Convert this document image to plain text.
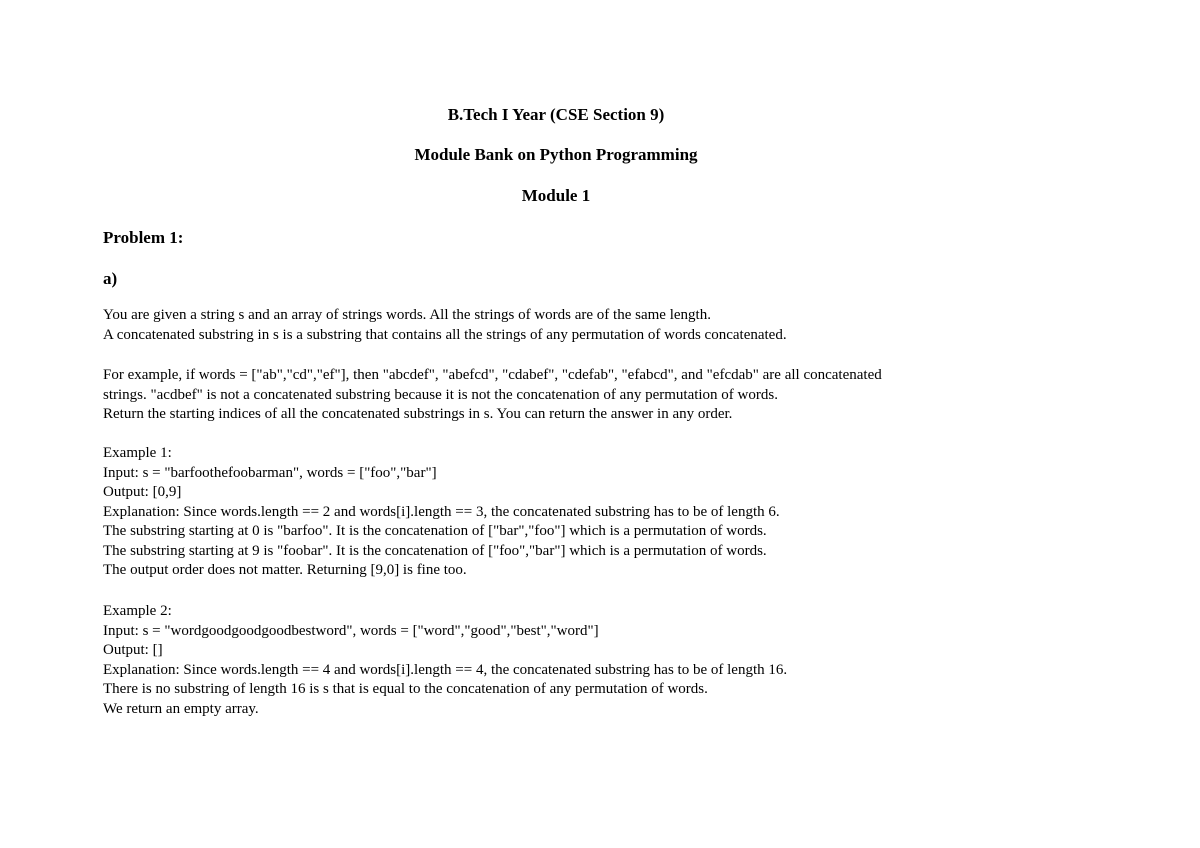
B.Tech I Year (CSE Section 9)
Module Bank on Python Programming
Module 1
Problem 1:
a)
You are given a string s and an array of strings words. All the strings of words are of the same length.
A concatenated substring in s is a substring that contains all the strings of any permutation of words concatenated.
For example, if words = ["ab","cd","ef"], then "abcdef", "abefcd", "cdabef", "cdefab", "efabcd", and "efcdab" are all concatenated
strings. "acdbef" is not a concatenated substring because it is not the concatenation of any permutation of words.
Return the starting indices of all the concatenated substrings in s. You can return the answer in any order.
Example 1:
Input: s = "barfoothefoobarman", words = ["foo","bar"]
Output: [0,9]
Explanation: Since words.length == 2 and words[i].length == 3, the concatenated substring has to be of length 6.
The substring starting at 0 is "barfoo". It is the concatenation of ["bar","foo"] which is a permutation of words.
The substring starting at 9 is "foobar". It is the concatenation of ["foo","bar"] which is a permutation of words.
The output order does not matter. Returning [9,0] is fine too.
Example 2:
Input: s = "wordgoodgoodgoodbestword", words = ["word","good","best","word"]
Output: []
Explanation: Since words.length == 4 and words[i].length == 4, the concatenated substring has to be of length 16.
There is no substring of length 16 is s that is equal to the concatenation of any permutation of words.
We return an empty array.
